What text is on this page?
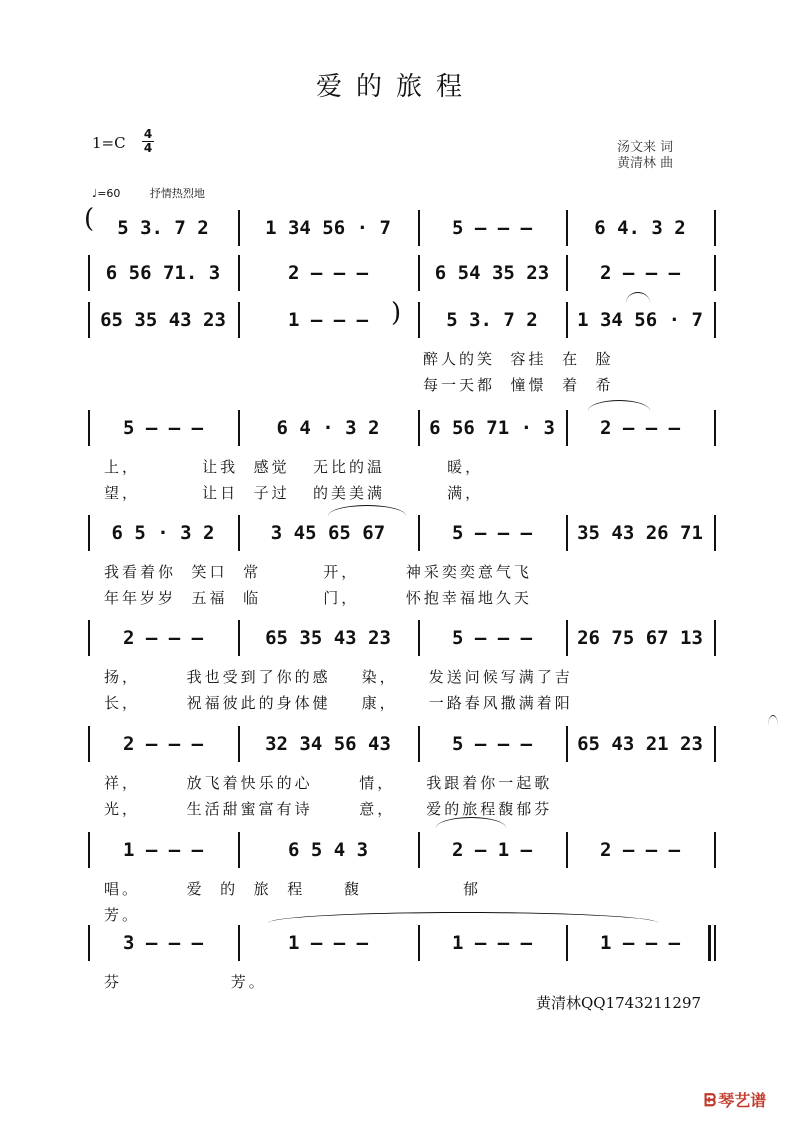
爱的旅程
1=C 4
4	汤文来 词
黄清林 曲
♩=60	抒情热烈地
5 3. 7 2	1 34 56 · 7	5 – – –	6 4. 3 2
6 56 71. 3	2 – – –	6 54 35 23	2 – – –
65 35 43 23	1 – – –	5 3. 7 2	1 34 56 · 7
醉人的笑  容挂  在  脸
每一天都  憧憬  着  希
5 – – –	6 4 · 3 2	6 56 71 · 3	2 – – –
上，        让我  感觉   无比的温        暖，
望，        让日  子过   的美美满        满，
6 5 · 3 2	3 45 65 67	5 – – –	35 43 26 71
我看着你  笑口  常        开，      神采奕奕意气飞
年年岁岁  五福  临        门，      怀抱幸福地久天
2 – – –	65 35 43 23	5 – – –	26 75 67 13
扬，      我也受到了你的感    染，    发送问候写满了吉
长，      祝福彼此的身体健    康，    一路春风撒满着阳
2 – – –	32 34 56 43	5 – – –	65 43 21 23
祥，      放飞着快乐的心      情，    我跟着你一起歌
光，      生活甜蜜富有诗      意，    爱的旅程馥郁芬
1 – – –	6 5 4 3	2 – 1 –	2 – – –
唱。      爱  的  旅  程     馥             郁
芳。
3 – – –	1 – – –	1 – – –	1 – – –
芬              芳。
(
)
黄清林QQ1743211297
ᗸ 琴艺谱
